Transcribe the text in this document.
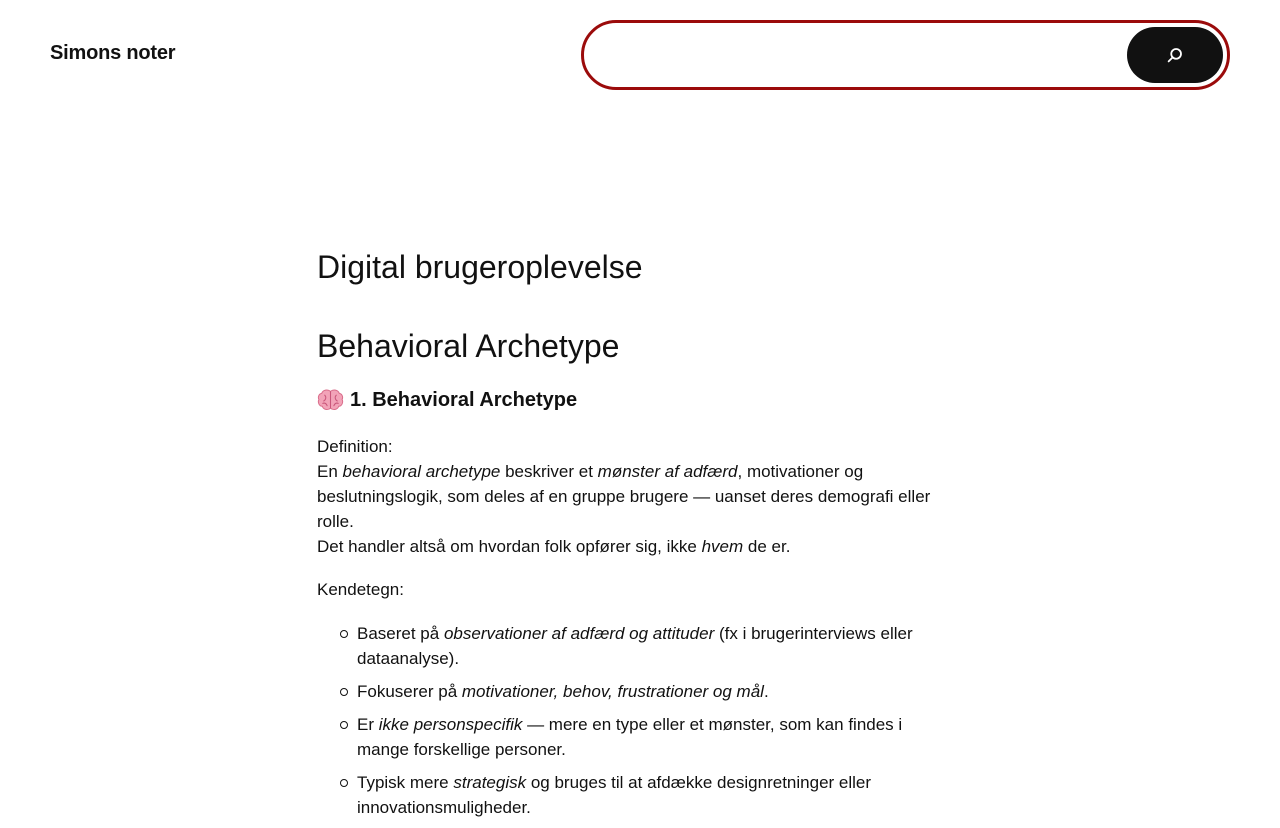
Simons noter
Digital brugeroplevelse
Behavioral Archetype
1. Behavioral Archetype

Definition:
En behavioral archetype beskriver et mønster af adfærd, motivationer og beslutningslogik, som deles af en gruppe brugere — uanset deres demografi eller rolle.
Det handler altså om hvordan folk opfører sig, ikke hvem de er.

Kendetegn:

Baseret på observationer af adfærd og attituder (fx i brugerinterviews eller dataanalyse).
Fokuserer på motivationer, behov, frustrationer og mål.
Er ikke personspecifik — mere en type eller et mønster, som kan findes i mange forskellige personer.
Typisk mere strategisk og bruges til at afdække designretninger eller innovationsmuligheder.
